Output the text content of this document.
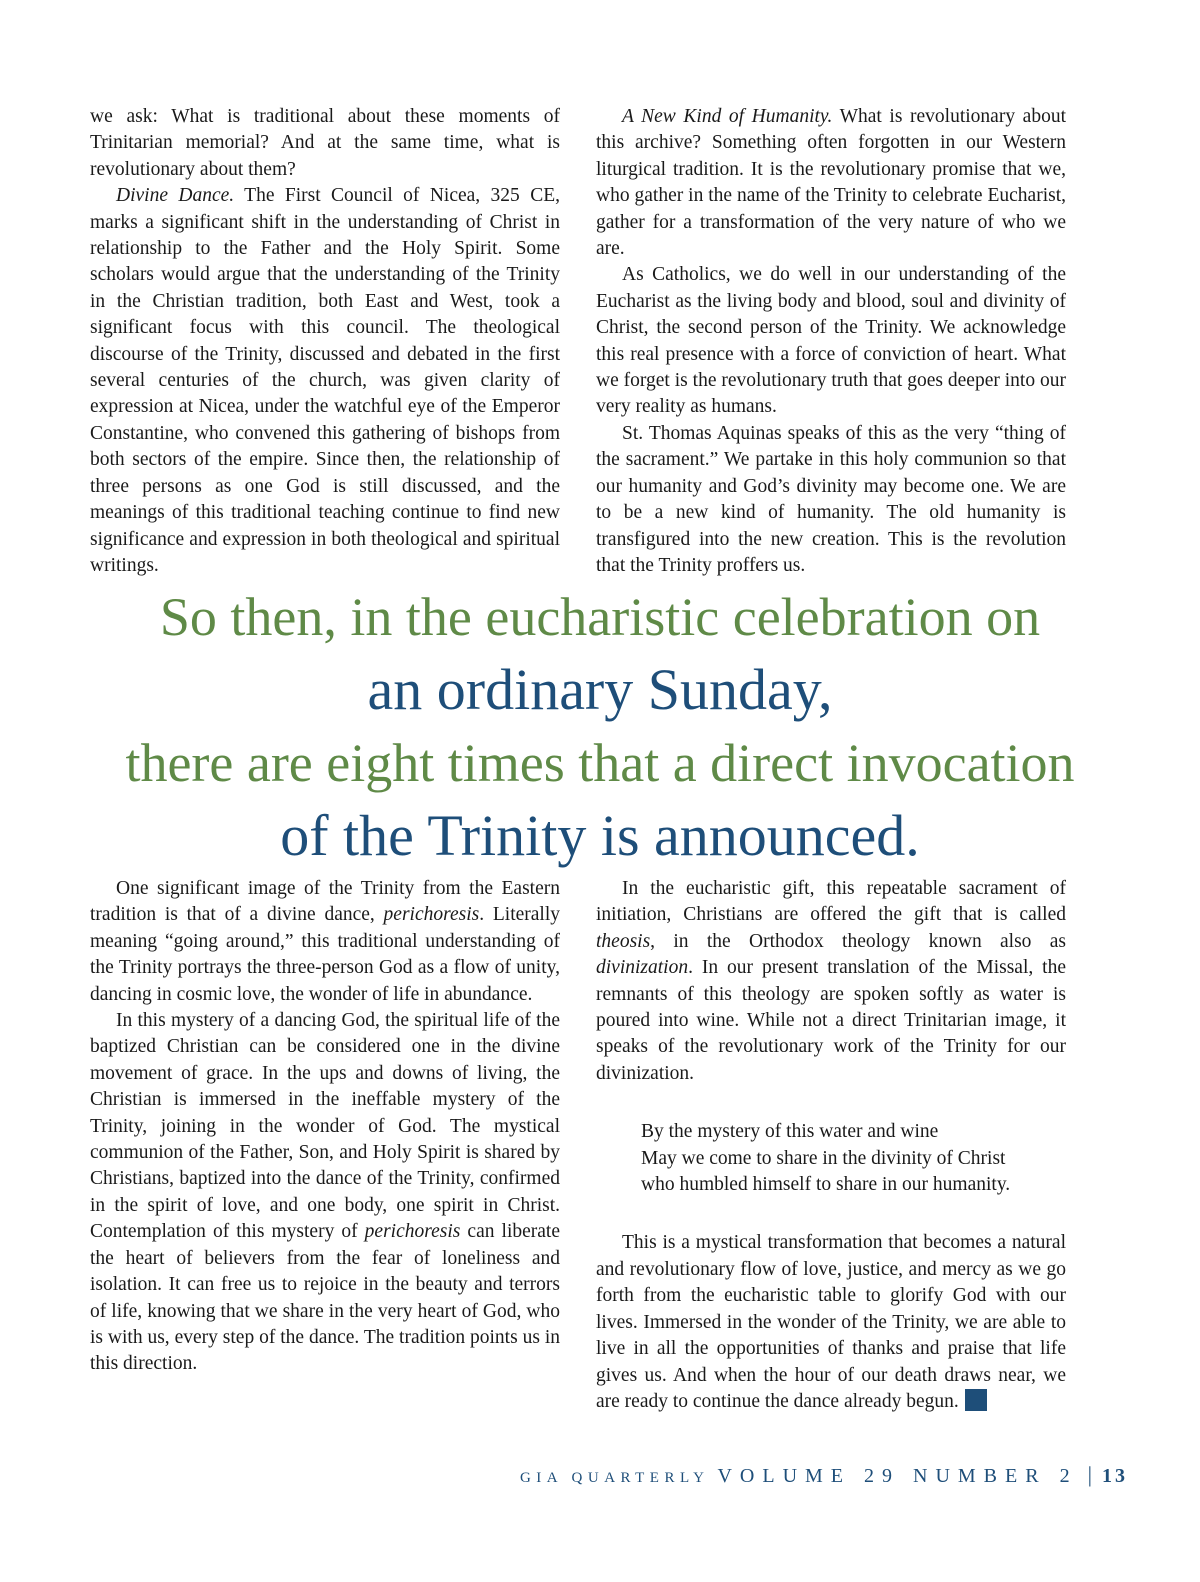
we ask: What is traditional about these moments of Trinitarian memorial? And at the same time, what is revolutionary about them?

Divine Dance. The First Council of Nicea, 325 CE, marks a significant shift in the understanding of Christ in relationship to the Father and the Holy Spirit. Some scholars would argue that the understanding of the Trinity in the Christian tradition, both East and West, took a significant focus with this council. The theological discourse of the Trinity, discussed and debated in the first several centuries of the church, was given clarity of expression at Nicea, under the watchful eye of the Emperor Constantine, who convened this gathering of bishops from both sectors of the empire. Since then, the relationship of three persons as one God is still discussed, and the meanings of this traditional teaching continue to find new significance and expression in both theological and spiritual writings.

A New Kind of Humanity. What is revolutionary about this archive? Something often forgotten in our Western liturgical tradition. It is the revolutionary promise that we, who gather in the name of the Trinity to celebrate Eucharist, gather for a transformation of the very nature of who we are.

As Catholics, we do well in our understanding of the Eucharist as the living body and blood, soul and divinity of Christ, the second person of the Trinity. We acknowledge this real presence with a force of conviction of heart. What we forget is the revolutionary truth that goes deeper into our very reality as humans.

St. Thomas Aquinas speaks of this as the very “thing of the sacrament.” We partake in this holy communion so that our humanity and God’s divinity may become one. We are to be a new kind of humanity. The old humanity is transfigured into the new creation. This is the revolution that the Trinity proffers us.

So then, in the eucharistic celebration on
an ordinary Sunday,
there are eight times that a direct invocation
of the Trinity is announced.

One significant image of the Trinity from the Eastern tradition is that of a divine dance, perichoresis. Literally meaning “going around,” this traditional understanding of the Trinity portrays the three-person God as a flow of unity, dancing in cosmic love, the wonder of life in abundance.

In this mystery of a dancing God, the spiritual life of the baptized Christian can be considered one in the divine movement of grace. In the ups and downs of living, the Christian is immersed in the ineffable mystery of the Trinity, joining in the wonder of God. The mystical communion of the Father, Son, and Holy Spirit is shared by Christians, baptized into the dance of the Trinity, confirmed in the spirit of love, and one body, one spirit in Christ. Contemplation of this mystery of perichoresis can liberate the heart of believers from the fear of loneliness and isolation. It can free us to rejoice in the beauty and terrors of life, knowing that we share in the very heart of God, who is with us, every step of the dance. The tradition points us in this direction.

In the eucharistic gift, this repeatable sacrament of initiation, Christians are offered the gift that is called theosis, in the Orthodox theology known also as divinization. In our present translation of the Missal, the remnants of this theology are spoken softly as water is poured into wine. While not a direct Trinitarian image, it speaks of the revolutionary work of the Trinity for our divinization.

By the mystery of this water and wine
May we come to share in the divinity of Christ
who humbled himself to share in our humanity.

This is a mystical transformation that becomes a natural and revolutionary flow of love, justice, and mercy as we go forth from the eucharistic table to glorify God with our lives. Immersed in the wonder of the Trinity, we are able to live in all the opportunities of thanks and praise that life gives us. And when the hour of our death draws near, we are ready to continue the dance already begun.

GIA QUARTERLY VOLUME 29 NUMBER 2 | 13
